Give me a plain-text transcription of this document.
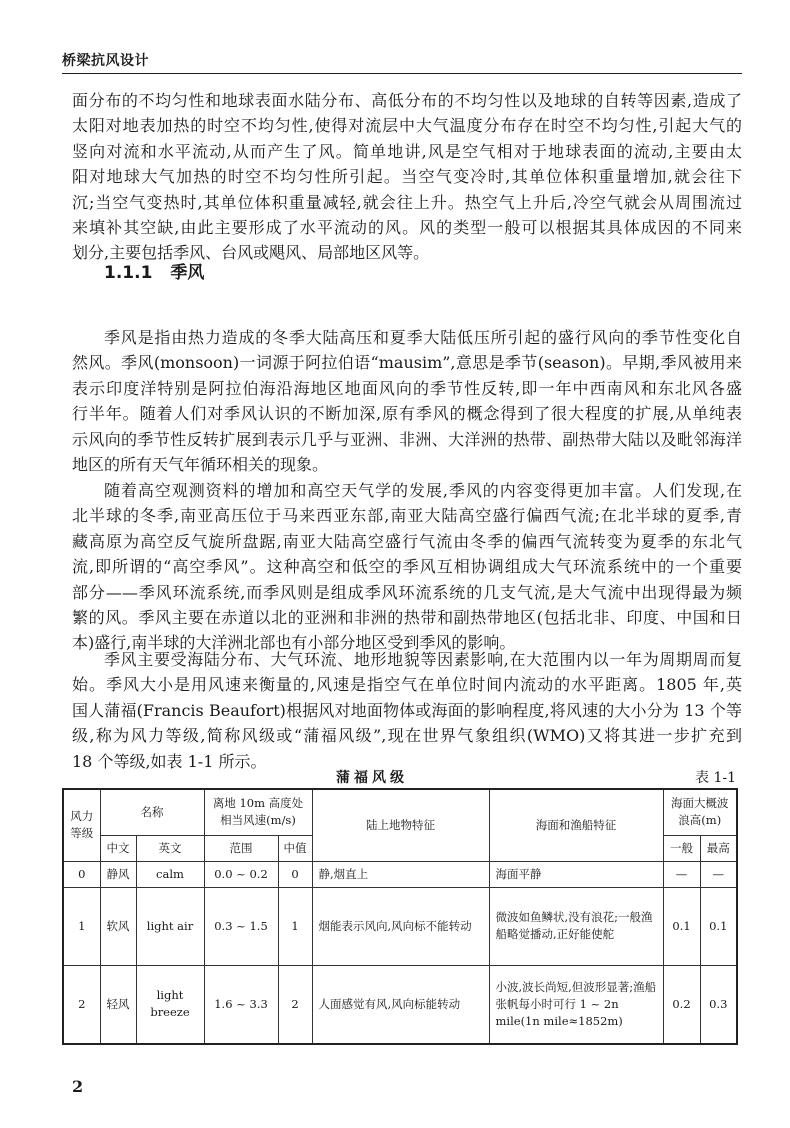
桥梁抗风设计
面分布的不均匀性和地球表面水陆分布、高低分布的不均匀性以及地球的自转等因素,造成了
太阳对地表加热的时空不均匀性,使得对流层中大气温度分布存在时空不均匀性,引起大气的
竖向对流和水平流动,从而产生了风。简单地讲,风是空气相对于地球表面的流动,主要由太
阳对地球大气加热的时空不均匀性所引起。当空气变冷时,其单位体积重量增加,就会往下
沉;当空气变热时,其单位体积重量减轻,就会往上升。热空气上升后,冷空气就会从周围流过
来填补其空缺,由此主要形成了水平流动的风。风的类型一般可以根据其具体成因的不同来
划分,主要包括季风、台风或飓风、局部地区风等。
1.1.1 季风
季风是指由热力造成的冬季大陆高压和夏季大陆低压所引起的盛行风向的季节性变化自
然风。季风(monsoon)一词源于阿拉伯语“mausim”,意思是季节(season)。早期,季风被用来
表示印度洋特别是阿拉伯海沿海地区地面风向的季节性反转,即一年中西南风和东北风各盛
行半年。随着人们对季风认识的不断加深,原有季风的概念得到了很大程度的扩展,从单纯表
示风向的季节性反转扩展到表示几乎与亚洲、非洲、大洋洲的热带、副热带大陆以及毗邻海洋
地区的所有天气年循环相关的现象。
随着高空观测资料的增加和高空天气学的发展,季风的内容变得更加丰富。人们发现,在
北半球的冬季,南亚高压位于马来西亚东部,南亚大陆高空盛行偏西气流;在北半球的夏季,青
藏高原为高空反气旋所盘踞,南亚大陆高空盛行气流由冬季的偏西气流转变为夏季的东北气
流,即所谓的“高空季风”。这种高空和低空的季风互相协调组成大气环流系统中的一个重要
部分——季风环流系统,而季风则是组成季风环流系统的几支气流,是大气流中出现得最为频
繁的风。季风主要在赤道以北的亚洲和非洲的热带和副热带地区(包括北非、印度、中国和日
本)盛行,南半球的大洋洲北部也有小部分地区受到季风的影响。
季风主要受海陆分布、大气环流、地形地貌等因素影响,在大范围内以一年为周期周而复
始。季风大小是用风速来衡量的,风速是指空气在单位时间内流动的水平距离。1805 年,英
国人蒲福(Francis Beaufort)根据风对地面物体或海面的影响程度,将风速的大小分为 13 个等
级,称为风力等级,简称风级或“蒲福风级”,现在世界气象组织(WMO)又将其进一步扩充到
18 个等级,如表 1-1 所示。
蒲福风级	表 1-1
风力等级	名称		离地 10m 高度处相当风速(m/s)		陆上地物特征	海面和渔船特征	海面大概波浪高(m)	
	中文	英文	范围	中值			一般	最高
0	静风	calm	0.0 ~ 0.2	0	静,烟直上	海面平静	—	—
1	软风	light air	0.3 ~ 1.5	1	烟能表示风向,风向标不能转动	微波如鱼鳞状,没有浪花;一般渔船略觉播动,正好能使舵	0.1	0.1
2	轻风	light breeze	1.6 ~ 3.3	2	人面感觉有风,风向标能转动	小波,波长尚短,但波形显著;渔船张帆每小时可行 1 ~ 2n mile(1n mile≈1852m)	0.2	0.3
2
